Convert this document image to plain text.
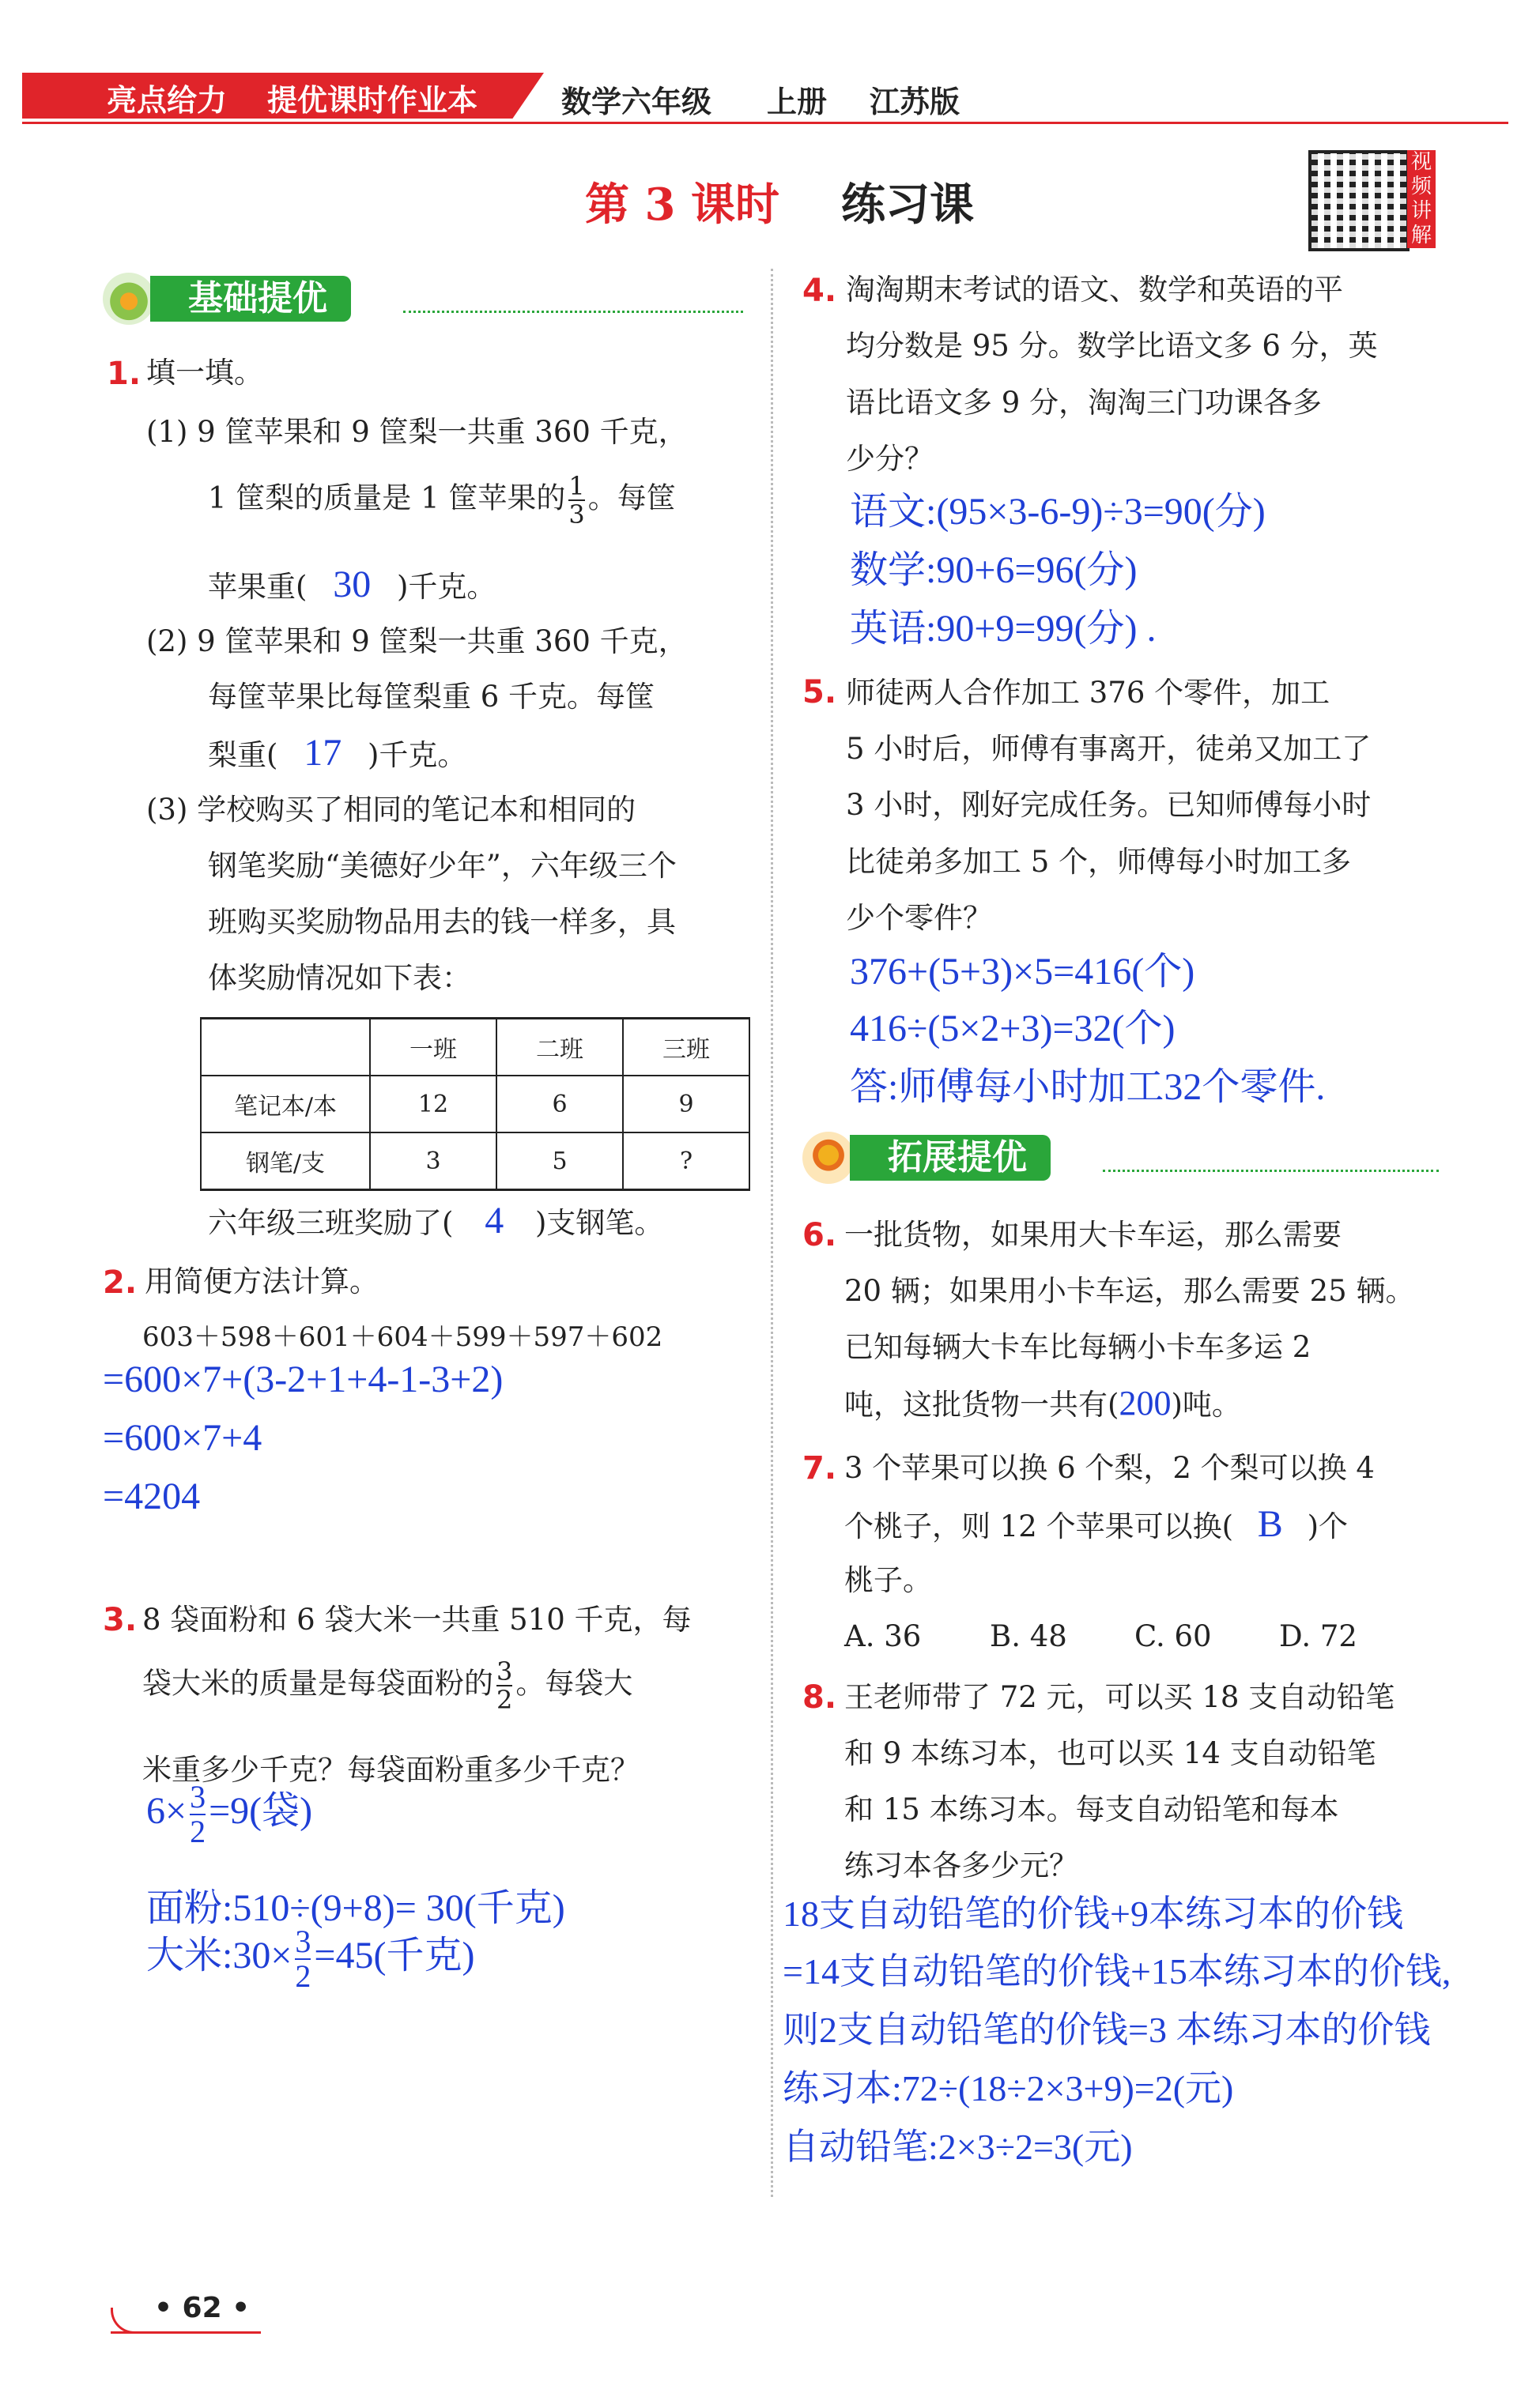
亮点给力 提优课时作业本	数学六年级 上册 江苏版
第 3 课时 练习课
视频讲解
基础提优
1. 填一填。
(1) 9 筐苹果和 9 筐梨一共重 360 千克，
1 筐梨的质量是 1 筐苹果的 $\frac{1}{3}$ 。每筐
苹果重( 30 )千克。
(2) 9 筐苹果和 9 筐梨一共重 360 千克，
每筐苹果比每筐梨重 6 千克。每筐
梨重( 17 )千克。
(3) 学校购买了相同的笔记本和相同的
钢笔奖励“美德好少年”，六年级三个
班购买奖励物品用去的钱一样多，具
体奖励情况如下表：
	一班	二班	三班
笔记本/本	12	6	9
钢笔/支	3	5	?
六年级三班奖励了( 4 )支钢笔。
2. 用简便方法计算。
603＋598＋601＋604＋599＋597＋602
=600×7+(3-2+1+4-1-3+2)
=600×7+4
=4204
3. 8 袋面粉和 6 袋大米一共重 510 千克，每
袋大米的质量是每袋面粉的 $\frac{3}{2}$ 。每袋大
米重多少千克？每袋面粉重多少千克？
$6\times \frac{3}{2}=9$(袋)
面粉:510÷(9+8)= 30(千克)
大米:30× $\frac{3}{2}=45$(千克)
4. 淘淘期末考试的语文、数学和英语的平
均分数是 95 分。数学比语文多 6 分，英
语比语文多 9 分，淘淘三门功课各多
少分？
语文:(95×3-6-9)÷3=90(分)
数学:90+6=96(分)
英语:90+9=99(分) .
5. 师徒两人合作加工 376 个零件，加工
5 小时后，师傅有事离开，徒弟又加工了
3 小时，刚好完成任务。已知师傅每小时
比徒弟多加工 5 个，师傅每小时加工多
少个零件？
376+(5+3)×5=416(个)
416÷(5×2+3)=32(个)
答:师傅每小时加工32个零件.
拓展提优
6. 一批货物，如果用大卡车运，那么需要
20 辆；如果用小卡车运，那么需要 25 辆。
已知每辆大卡车比每辆小卡车多运 2
吨，这批货物一共有(200)吨。
7. 3 个苹果可以换 6 个梨，2 个梨可以换 4
个桃子，则 12 个苹果可以换( B )个
桃子。
A. 36 B. 48 C. 60 D. 72
8. 王老师带了 72 元，可以买 18 支自动铅笔
和 9 本练习本，也可以买 14 支自动铅笔
和 15 本练习本。每支自动铅笔和每本
练习本各多少元？
18支自动铅笔的价钱+9本练习本的价钱
=14支自动铅笔的价钱+15本练习本的价钱,
则2支自动铅笔的价钱=3 本练习本的价钱
练习本:72÷(18÷2×3+9)=2(元)
自动铅笔:2×3÷2=3(元)
• 62 •
